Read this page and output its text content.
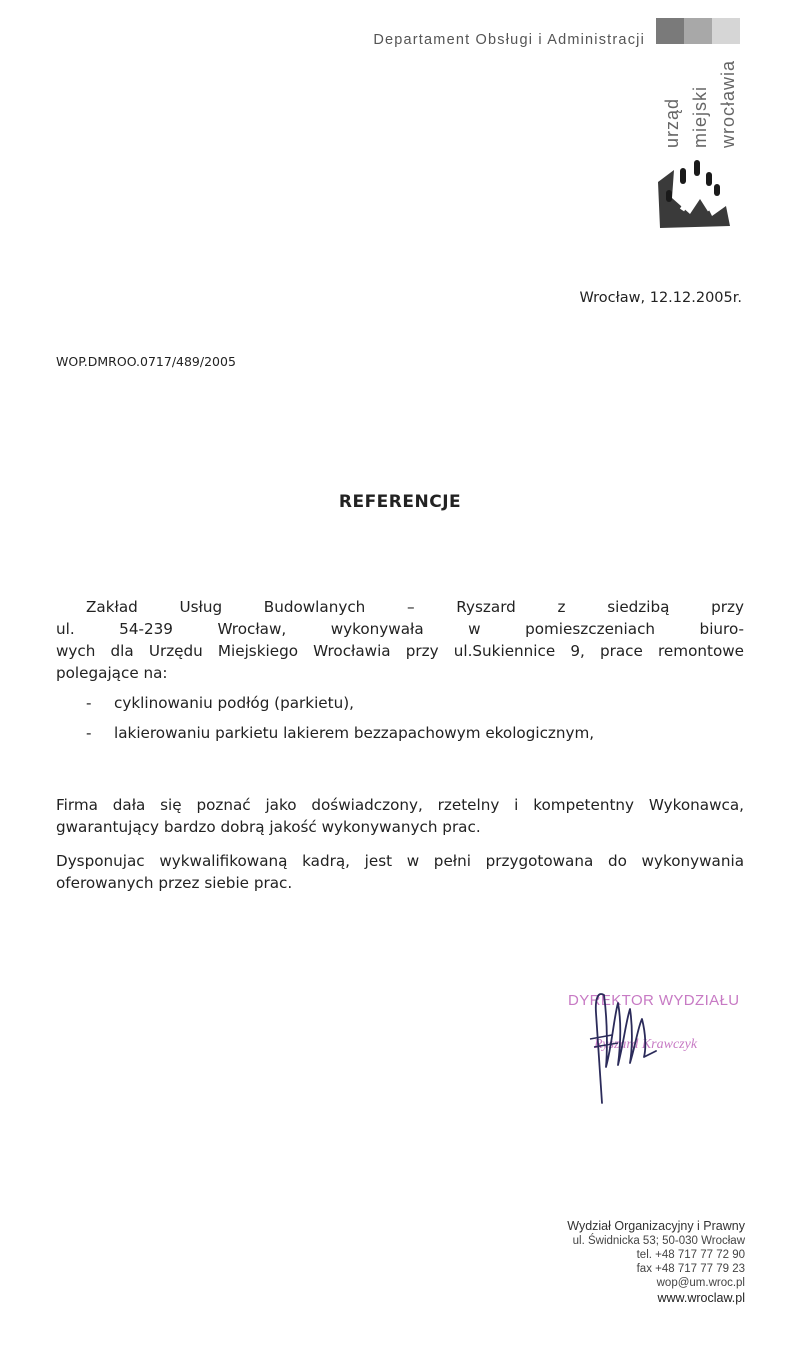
Departament Obsługi i Administracji
urząd miejski wrocławia
Wrocław, 12.12.2005r.
WOP.DMROO.0717/489/2005
REFERENCJE
Zakład Usług Budowlanych – Ryszard z siedzibą przy
ul. 54-239 Wrocław, wykonywała w pomieszczeniach biuro-
wych dla Urzędu Miejskiego Wrocławia przy ul.Sukiennice 9, prace remontowe
polegające na:
- cyklinowaniu podłóg (parkietu),
- lakierowaniu parkietu lakierem bezzapachowym ekologicznym,
Firma dała się poznać jako doświadczony, rzetelny i kompetentny Wykonawca,
gwarantujący bardzo dobrą jakość wykonywanych prac.
Dysponujac wykwalifikowaną kadrą, jest w pełni przygotowana do wykonywania
oferowanych przez siebie prac.
DYREKTOR WYDZIAŁU
Ryszard Krawczyk
Wydział Organizacyjny i Prawny
ul. Świdnicka 53; 50-030 Wrocław
tel. +48 717 77 72 90
fax +48 717 77 79 23
wop@um.wroc.pl
www.wroclaw.pl
